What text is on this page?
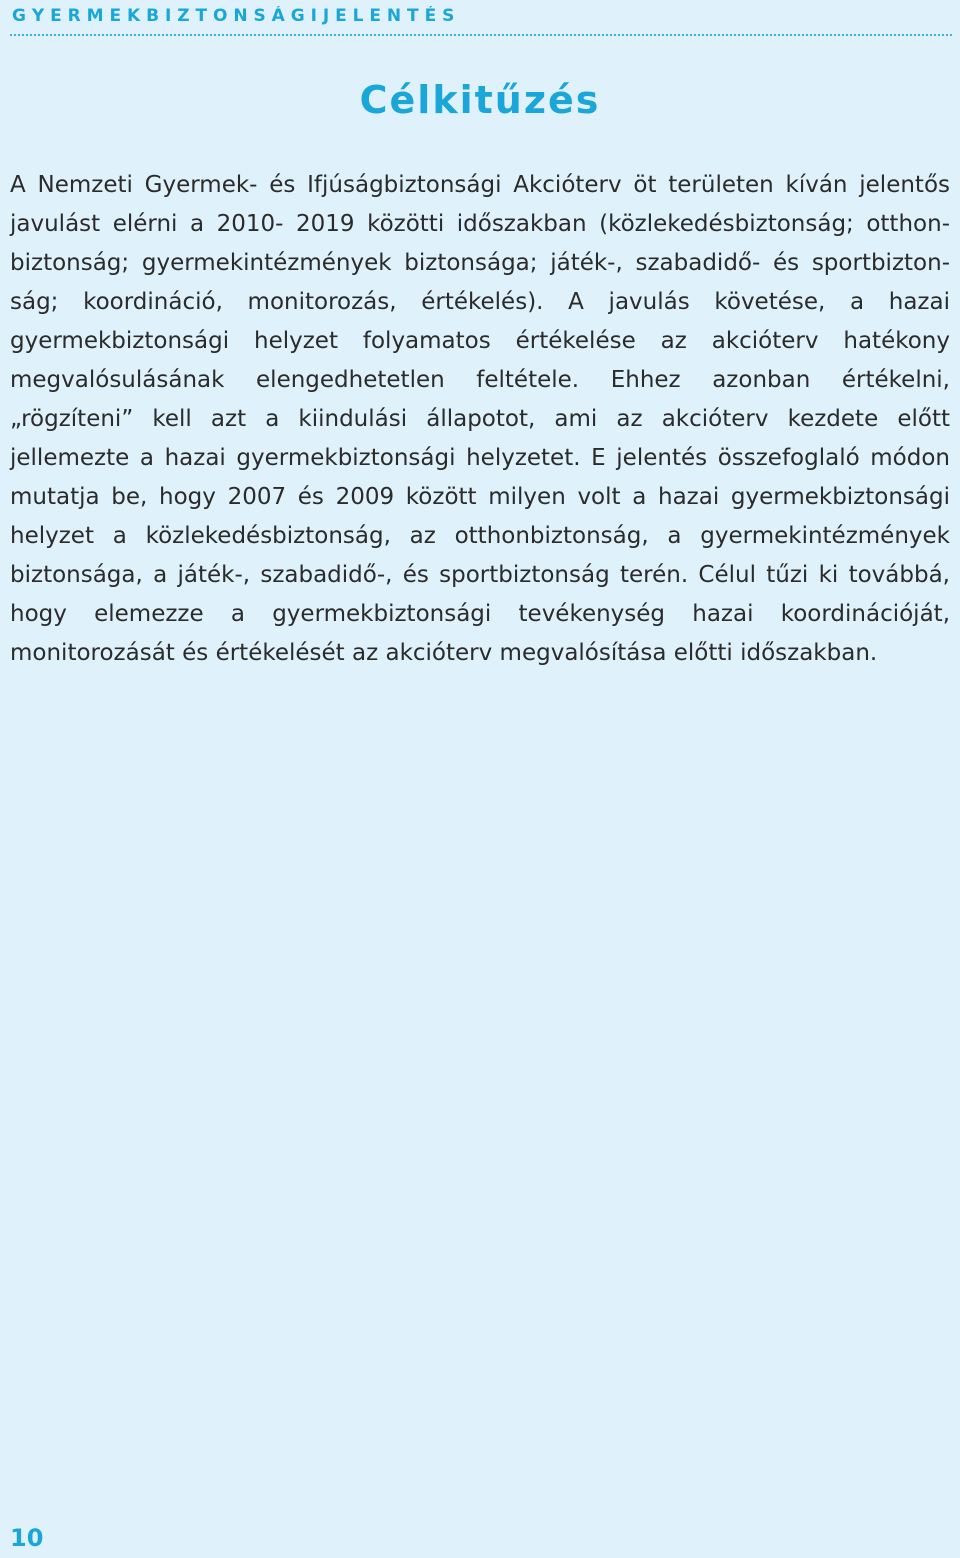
G Y E R M E K B I Z T O N S Á G I J E L E N T É S
Célkitűzés

A Nemzeti Gyermek- és Ifjúságbiztonsági Akcióterv öt területen kíván jelentős javulást elérni a 2010- 2019 közötti időszakban (közlekedésbiztonság; otthonbiztonság; gyermekintézmények biztonsága; játék-, szabadidő- és sportbiztonság; koordináció, monitorozás, értékelés). A javulás követése, a hazai gyermekbiztonsági helyzet folyamatos értékelése az akcióterv hatékony megvalósulásának elengedhetetlen feltétele. Ehhez azonban értékelni, „rögzíteni” kell azt a kiindulási állapotot, ami az akcióterv kezdete előtt jellemezte a hazai gyermekbiztonsági helyzetet. E jelentés összefoglaló módon mutatja be, hogy 2007 és 2009 között milyen volt a hazai gyermekbiztonsági helyzet a közlekedésbiztonság, az otthonbiztonság, a gyermekintézmények biztonsága, a játék-, szabadidő-, és sportbiztonság terén. Célul tűzi ki továbbá, hogy elemezze a gyermekbiztonsági tevékenység hazai koordinációját, monitorozását és értékelését az akcióterv megvalósítása előtti időszakban.

10
